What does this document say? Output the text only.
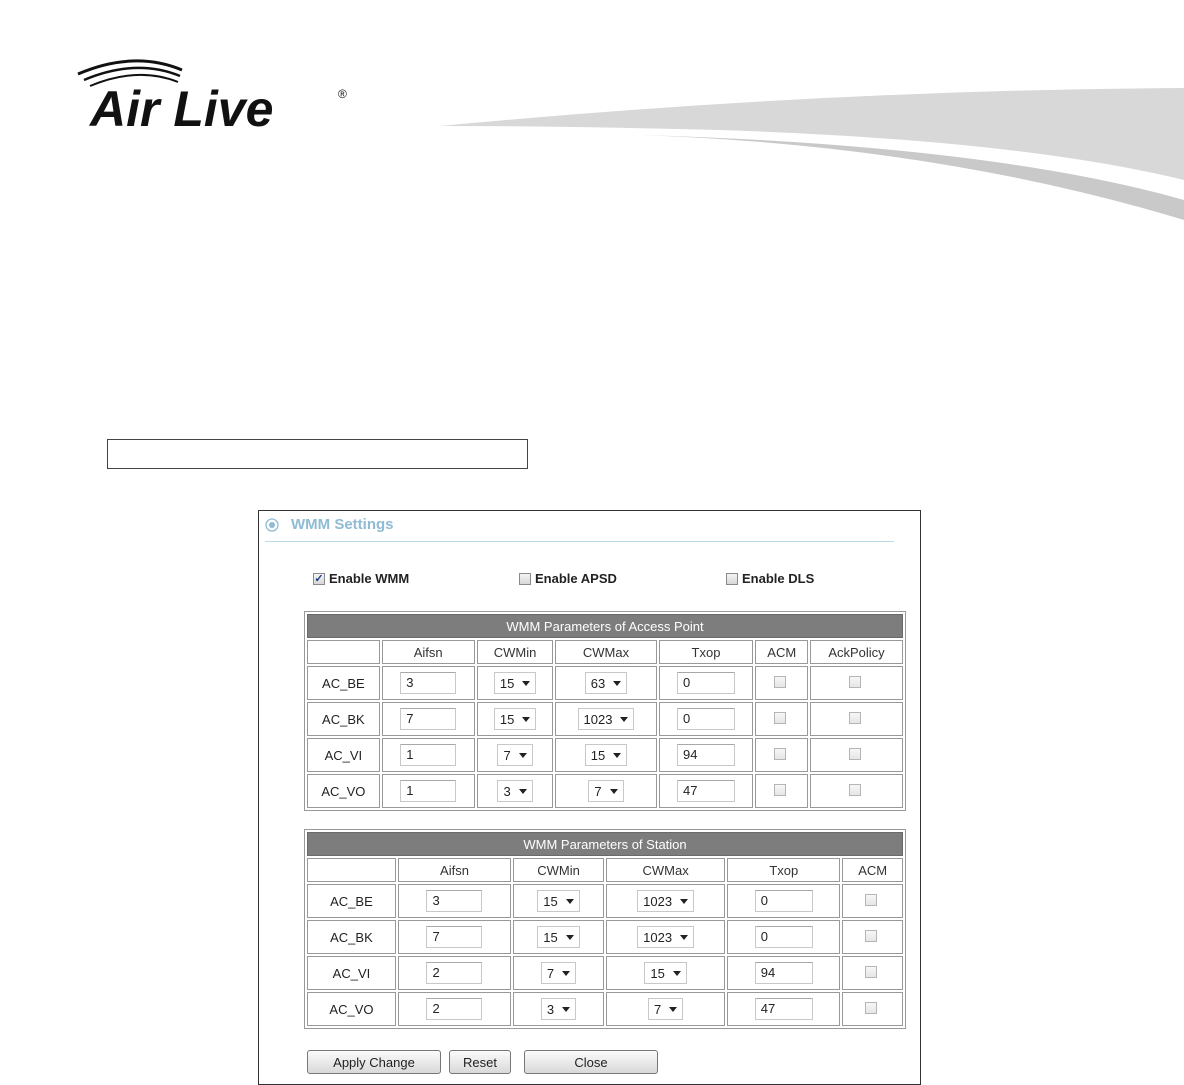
Air Live	®
WMM Settings
✓
Enable WMM	Enable APSD	Enable DLS
WMM Parameters of Access Point						
	Aifsn	CWMin	CWMax	Txop	ACM	AckPolicy
AC_BE	3	15	63	0		
AC_BK	7	15	1023	0		
AC_VI	1	7	15	94		
AC_VO	1	3	7	47		
WMM Parameters of Station					
	Aifsn	CWMin	CWMax	Txop	ACM
AC_BE	3	15	1023	0	
AC_BK	7	15	1023	0	
AC_VI	2	7	15	94	
AC_VO	2	3	7	47	
Apply Change	Reset	Close
